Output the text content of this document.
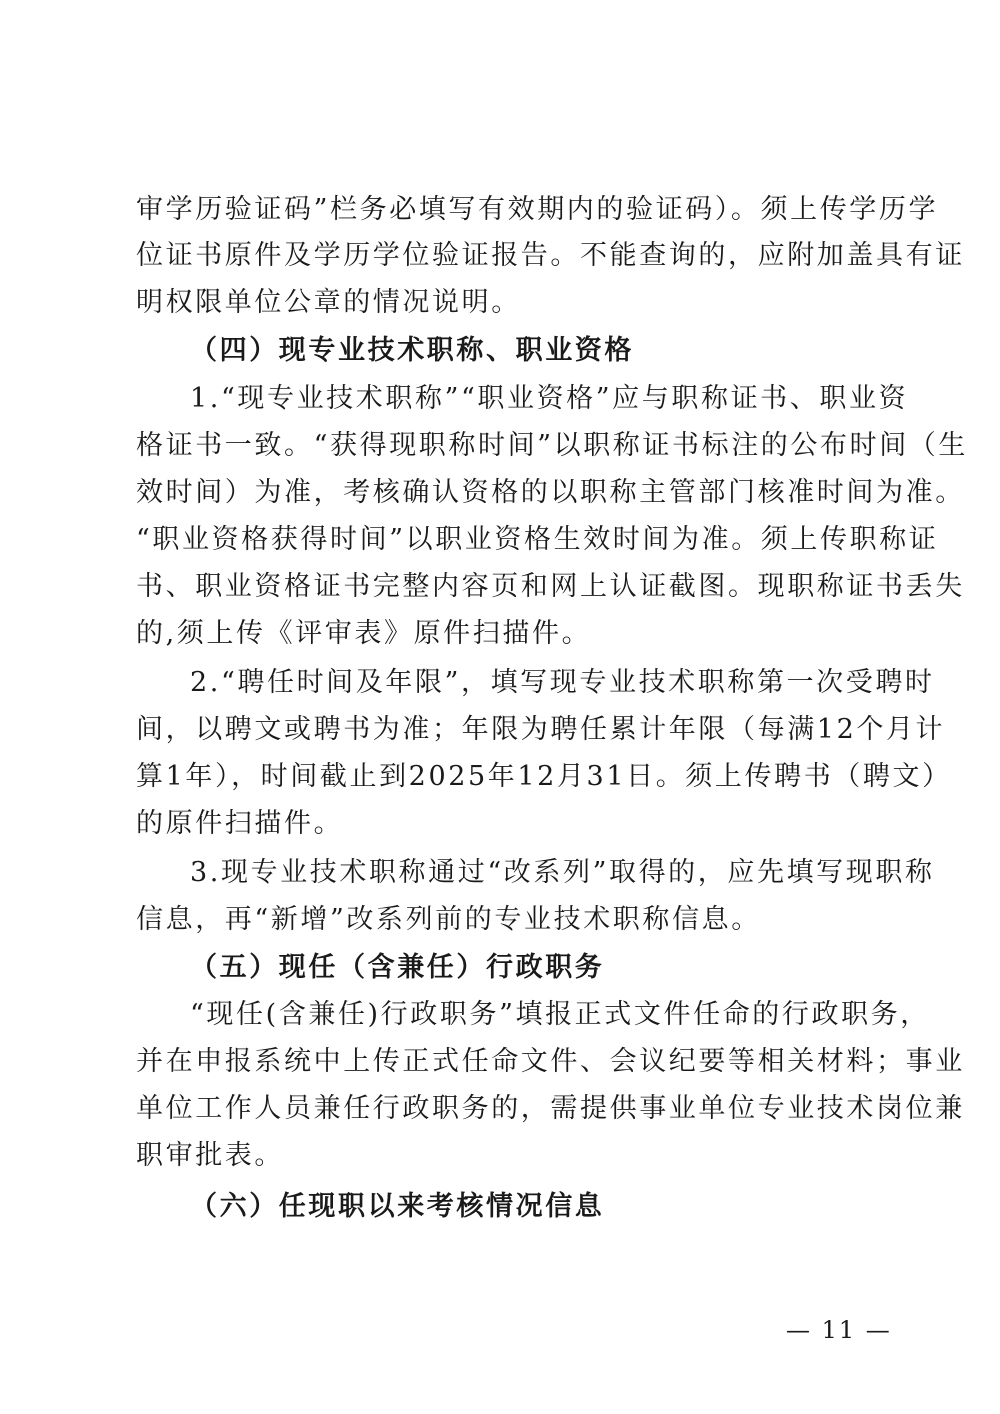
审学历验证码”栏务必填写有效期内的验证码）。须上传学历学
位证书原件及学历学位验证报告。不能查询的，应附加盖具有证
明权限单位公章的情况说明。
（四）现专业技术职称、职业资格
1.“现专业技术职称”“职业资格”应与职称证书、职业资
格证书一致。“获得现职称时间”以职称证书标注的公布时间（生
效时间）为准，考核确认资格的以职称主管部门核准时间为准。
“职业资格获得时间”以职业资格生效时间为准。须上传职称证
书、职业资格证书完整内容页和网上认证截图。现职称证书丢失
的,须上传《评审表》原件扫描件。
2.“聘任时间及年限”，填写现专业技术职称第一次受聘时
间，以聘文或聘书为准；年限为聘任累计年限（每满12个月计
算1年），时间截止到2025年12月31日。须上传聘书（聘文）
的原件扫描件。
3.现专业技术职称通过“改系列”取得的，应先填写现职称
信息，再“新增”改系列前的专业技术职称信息。
（五）现任（含兼任）行政职务
“现任(含兼任)行政职务”填报正式文件任命的行政职务，
并在申报系统中上传正式任命文件、会议纪要等相关材料；事业
单位工作人员兼任行政职务的，需提供事业单位专业技术岗位兼
职审批表。
（六）任现职以来考核情况信息
— 11 —
